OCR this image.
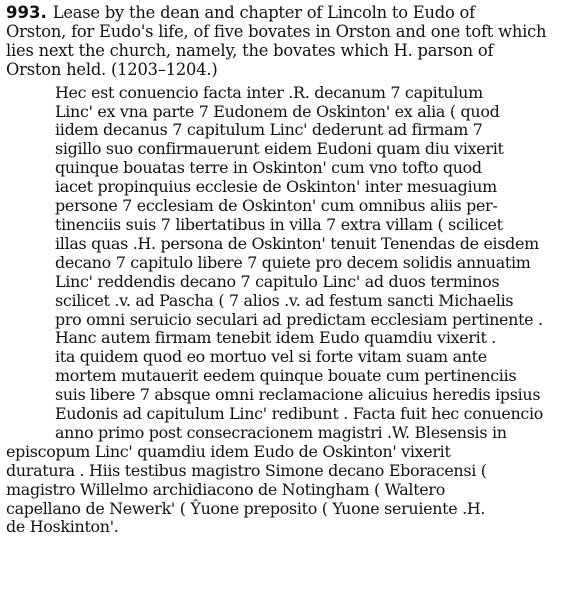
993. Lease by the dean and chapter of Lincoln to Eudo of
Orston, for Eudo's life, of five bovates in Orston and one toft which
lies next the church, namely, the bovates which H. parson of
Orston held. (1203–1204.)
Hec est conuencio facta inter .R. decanum 7 capitulum
Linc' ex vna parte 7 Eudonem de Oskinton' ex alia ( quod
iidem decanus 7 capitulum Linc' dederunt ad firmam 7
sigillo suo confirmauerunt eidem Eudoni quam diu vixerit
quinque bouatas terre in Oskinton' cum vno tofto quod
iacet propinquius ecclesie de Oskinton' inter mesuagium
persone 7 ecclesiam de Oskinton' cum omnibus aliis per-
tinenciis suis 7 libertatibus in villa 7 extra villam ( scilicet
illas quas .H. persona de Oskinton' tenuit Tenendas de eisdem
decano 7 capitulo libere 7 quiete pro decem solidis annuatim
Linc' reddendis decano 7 capitulo Linc' ad duos terminos
scilicet .v. ad Pascha ( 7 alios .v. ad festum sancti Michaelis
pro omni seruicio seculari ad predictam ecclesiam pertinente .
Hanc autem firmam tenebit idem Eudo quamdiu vixerit .
ita quidem quod eo mortuo vel si forte vitam suam ante
mortem mutauerit eedem quinque bouate cum pertinenciis
suis libere 7 absque omni reclamacione alicuius heredis ipsius
Eudonis ad capitulum Linc' redibunt . Facta fuit hec conuencio
anno primo post consecracionem magistri .W. Blesensis in
episcopum Linc' quamdiu idem Eudo de Oskinton' vixerit
duratura . Hiis testibus magistro Simone decano Eboracensi (
magistro Willelmo archidiacono de Notingham ( Waltero
capellano de Newerk' ( Ŷuone preposito ( Yuone seruiente .H.
de Hoskinton'.
